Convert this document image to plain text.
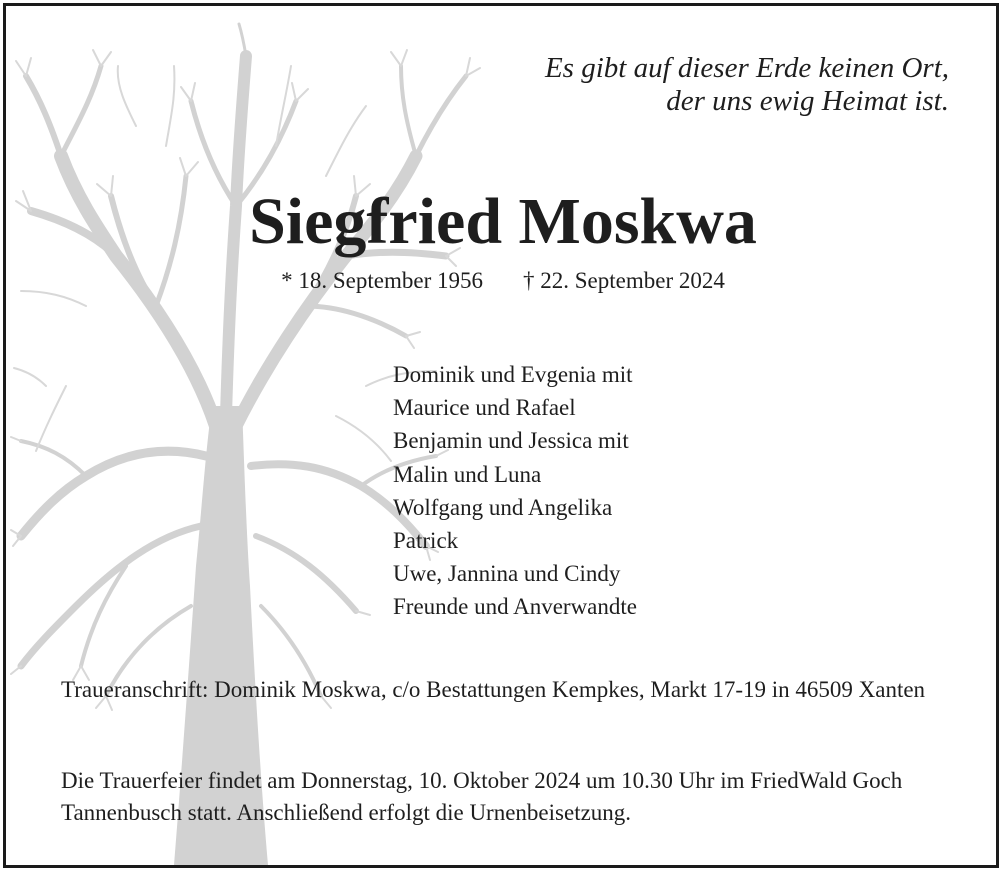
Es gibt auf dieser Erde keinen Ort,
der uns ewig Heimat ist.
Siegfried Moskwa
* 18. September 1956 † 22. September 2024
Dominik und Evgenia mit
Maurice und Rafael
Benjamin und Jessica mit
Malin und Luna
Wolfgang und Angelika
Patrick
Uwe, Jannina und Cindy
Freunde und Anverwandte
Traueranschrift: Dominik Moskwa, c/o Bestattungen Kempkes, Markt 17-19 in 46509 Xanten
Die Trauerfeier findet am Donnerstag, 10. Oktober 2024 um 10.30 Uhr im FriedWald Goch Tannenbusch statt. Anschließend erfolgt die Urnenbeisetzung.
